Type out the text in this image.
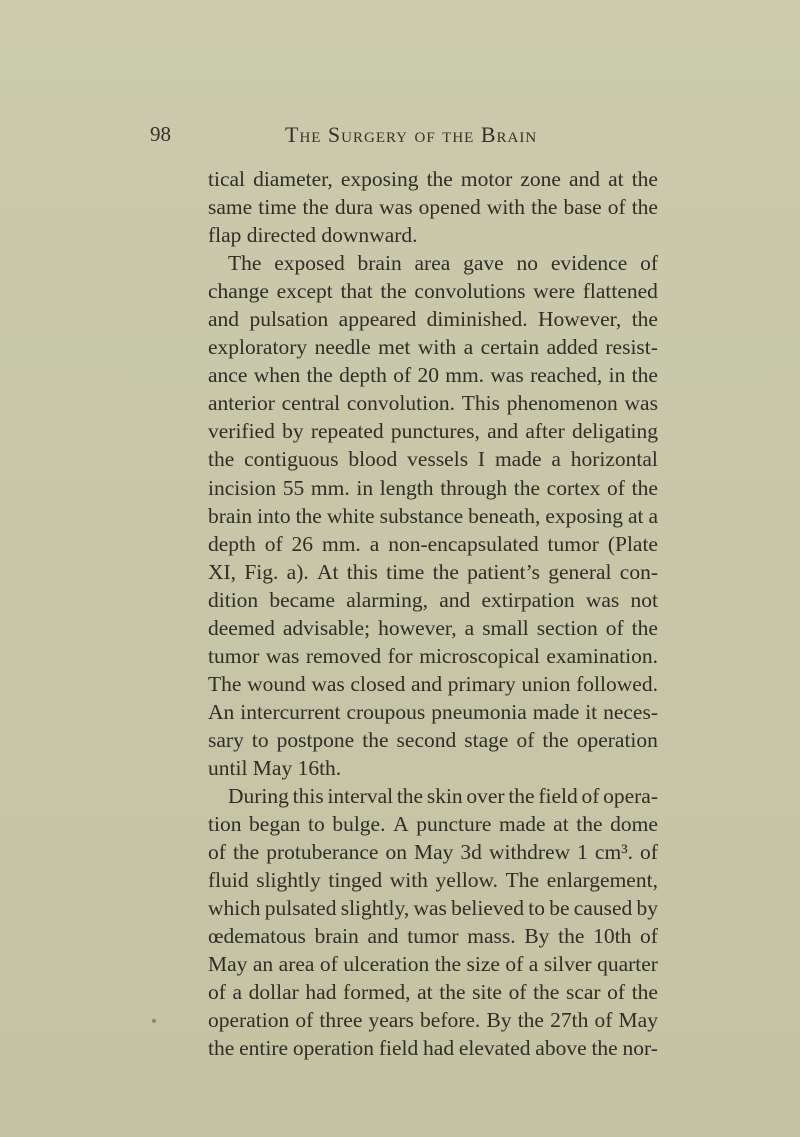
98	The Surgery of the Brain
tical diameter, exposing the motor zone and at the
same time the dura was opened with the base of the
flap directed downward.
The exposed brain area gave no evidence of
change except that the convolutions were flattened
and pulsation appeared diminished. However, the
exploratory needle met with a certain added resist-
ance when the depth of 20 mm. was reached, in the
anterior central convolution. This phenomenon was
verified by repeated punctures, and after deligating
the contiguous blood vessels I made a horizontal
incision 55 mm. in length through the cortex of the
brain into the white substance beneath, exposing at a
depth of 26 mm. a non-encapsulated tumor (Plate
XI, Fig. a). At this time the patient’s general con-
dition became alarming, and extirpation was not
deemed advisable; however, a small section of the
tumor was removed for microscopical examination.
The wound was closed and primary union followed.
An intercurrent croupous pneumonia made it neces-
sary to postpone the second stage of the operation
until May 16th.
During this interval the skin over the field of opera-
tion began to bulge. A puncture made at the dome
of the protuberance on May 3d withdrew 1 cm³. of
fluid slightly tinged with yellow. The enlargement,
which pulsated slightly, was believed to be caused by
œdematous brain and tumor mass. By the 10th of
May an area of ulceration the size of a silver quarter
of a dollar had formed, at the site of the scar of the
operation of three years before. By the 27th of May
the entire operation field had elevated above the nor-
